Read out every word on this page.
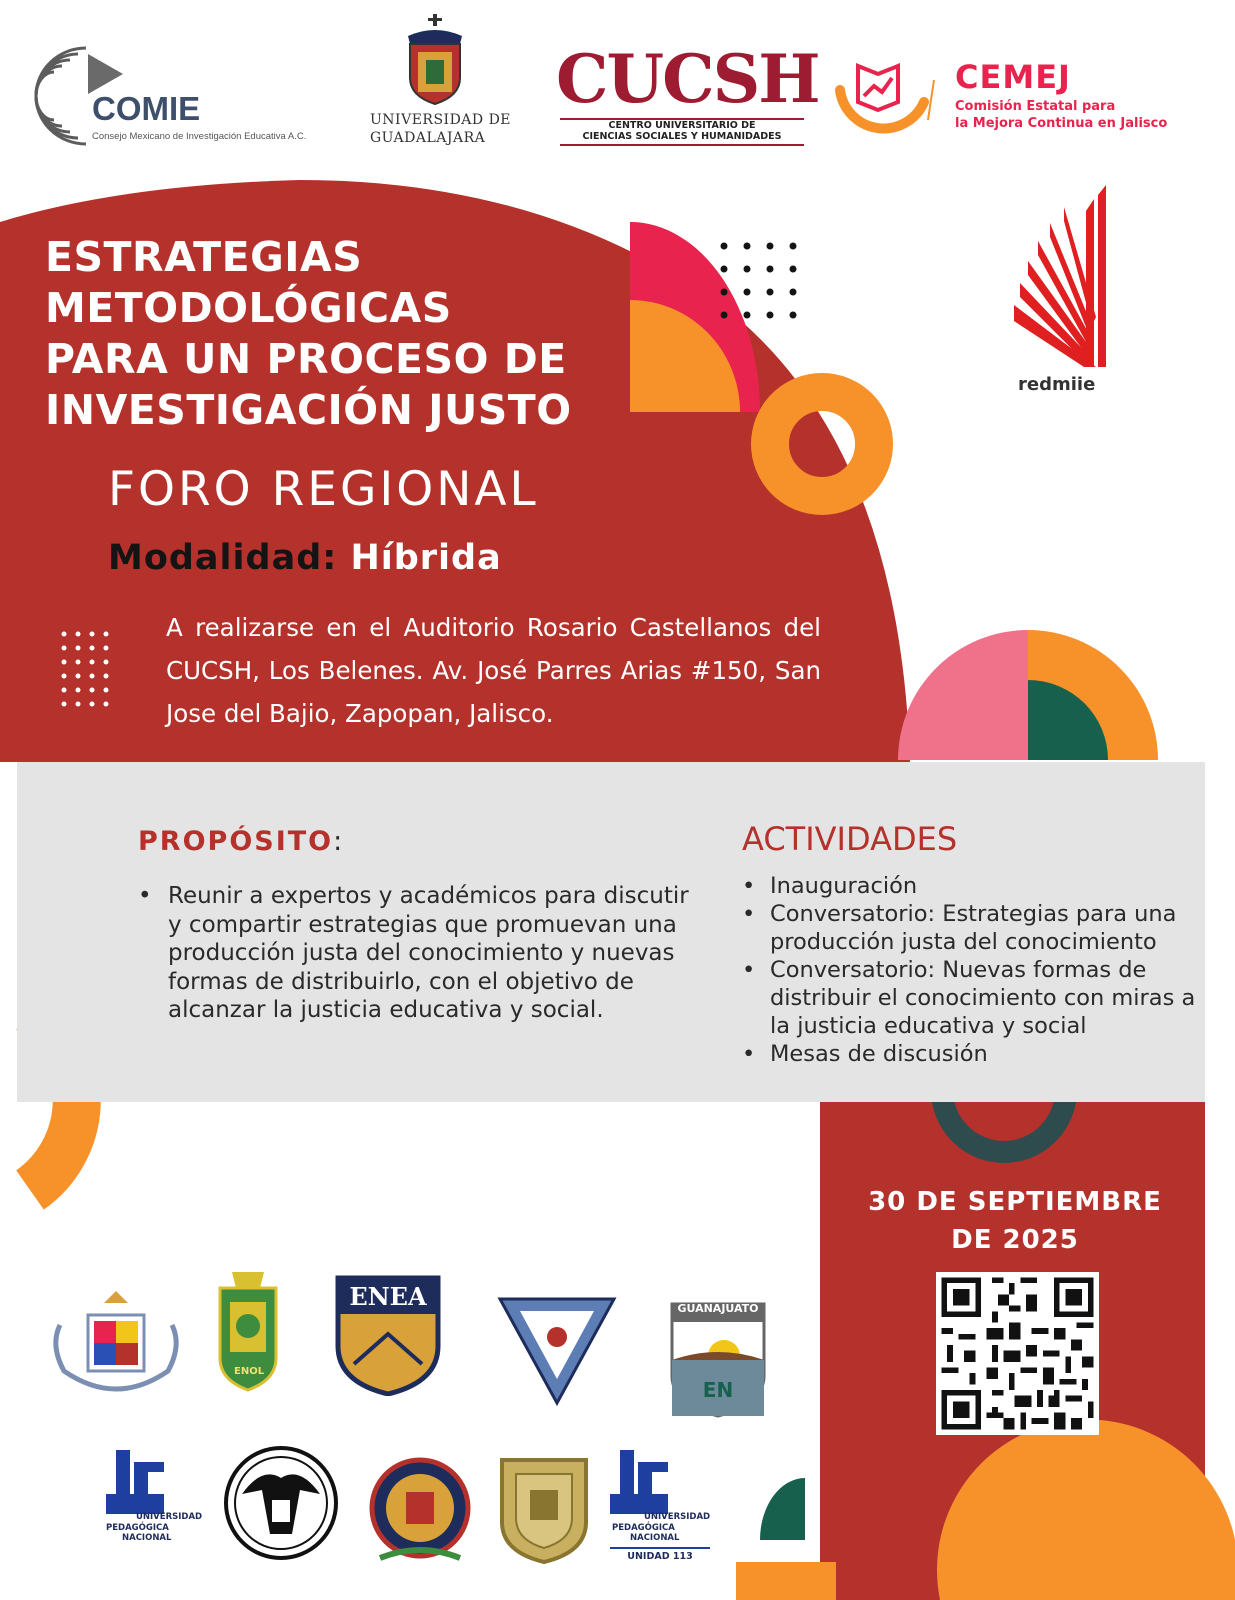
COMIE
Consejo Mexicano de Investigación Educativa A.C.
UNIVERSIDAD DE
GUADALAJARA
CUCSH
CENTRO UNIVERSITARIO DE
CIENCIAS SOCIALES Y HUMANIDADES
CEMEJ
Comisión Estatal para
la Mejora Continua en Jalisco
redmiie
ESTRATEGIAS
METODOLÓGICAS
PARA UN PROCESO DE
INVESTIGACIÓN JUSTO
FORO REGIONAL
Modalidad: Híbrida
A realizarse en el Auditorio Rosario Castellanos del CUCSH, Los Belenes. Av. José Parres Arias #150, San Jose del Bajio, Zapopan, Jalisco.
PROPÓSITO:
• Reunir a expertos y académicos para discutir y compartir estrategias que promuevan una producción justa del conocimiento y nuevas formas de distribuirlo, con el objetivo de alcanzar la justicia educativa y social.
ACTIVIDADES
• Inauguración
• Conversatorio: Estrategias para una producción justa del conocimiento
• Conversatorio: Nuevas formas de distribuir el conocimiento con miras a la justicia educativa y social
• Mesas de discusión
30 DE SEPTIEMBRE
DE 2025
ENOL
ENEA	GUANAJUATO
EN
UNIVERSIDAD
PEDAGÓGICA
NACIONAL
UNIVERSIDAD
PEDAGÓGICA
NACIONAL
UNIDAD 113
